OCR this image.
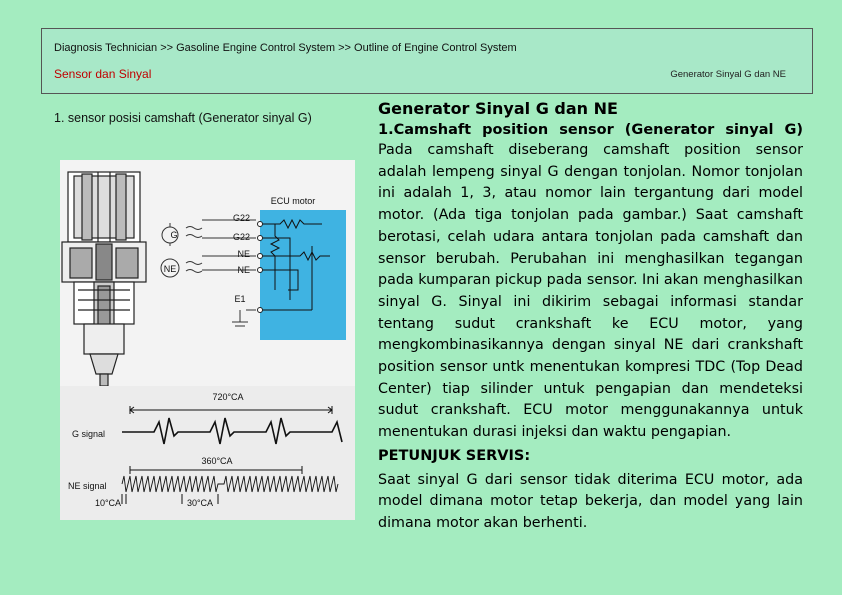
Diagnosis Technician >> Gasoline Engine Control System >> Outline of Engine Control System
Sensor dan Sinyal	Generator Sinyal G dan NE
1. sensor posisi camshaft (Generator sinyal G)
G
NE
ECU motor
G22
G22
NE
NE
E1
720°CA
G signal
360°CA
NE signal
10°CA	30°CA
Generator Sinyal G dan NE
1.Camshaft position sensor (Generator sinyal G)
Pada camshaft diseberang camshaft position sensor adalah lempeng sinyal G dengan tonjolan. Nomor tonjolan ini adalah 1, 3, atau nomor lain tergantung dari model motor. (Ada tiga tonjolan pada gambar.) Saat camshaft berotasi, celah udara antara tonjolan pada camshaft dan sensor berubah. Perubahan ini menghasilkan tegangan pada kumparan pickup pada sensor. Ini akan menghasilkan sinyal G. Sinyal ini dikirim sebagai informasi standar tentang sudut crankshaft ke ECU motor, yang mengkombinasikannya dengan sinyal NE dari crankshaft position sensor untk menentukan kompresi TDC (Top Dead Center) tiap silinder untuk pengapian dan mendeteksi sudut crankshaft. ECU motor menggunakannya untuk menentukan durasi injeksi dan waktu pengapian.
PETUNJUK SERVIS:
Saat sinyal G dari sensor tidak diterima ECU motor, ada model dimana motor tetap bekerja, dan model yang lain dimana motor akan berhenti.
